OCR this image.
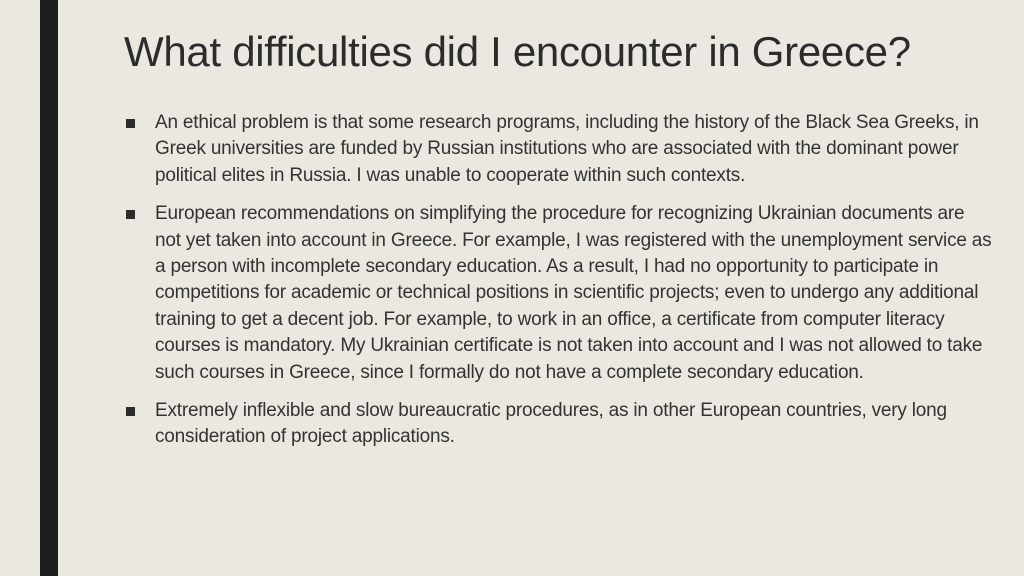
What difficulties did I encounter in Greece?
An ethical problem is that some research programs, including the history of the Black Sea Greeks, in Greek universities are funded by Russian institutions who are associated with the dominant power political elites in Russia. I was unable to cooperate within such contexts.
European recommendations on simplifying the procedure for recognizing Ukrainian documents are not yet taken into account in Greece. For example, I was registered with the unemployment service as a person with incomplete secondary education. As a result, I had no opportunity to participate in competitions for academic or technical positions in scientific projects; even to undergo any additional training to get a decent job. For example, to work in an office, a certificate from computer literacy courses is mandatory. My Ukrainian certificate is not taken into account and I was not allowed to take such courses in Greece, since I formally do not have a complete secondary education.
Extremely inflexible and slow bureaucratic procedures, as in other European countries, very long consideration of project applications.
